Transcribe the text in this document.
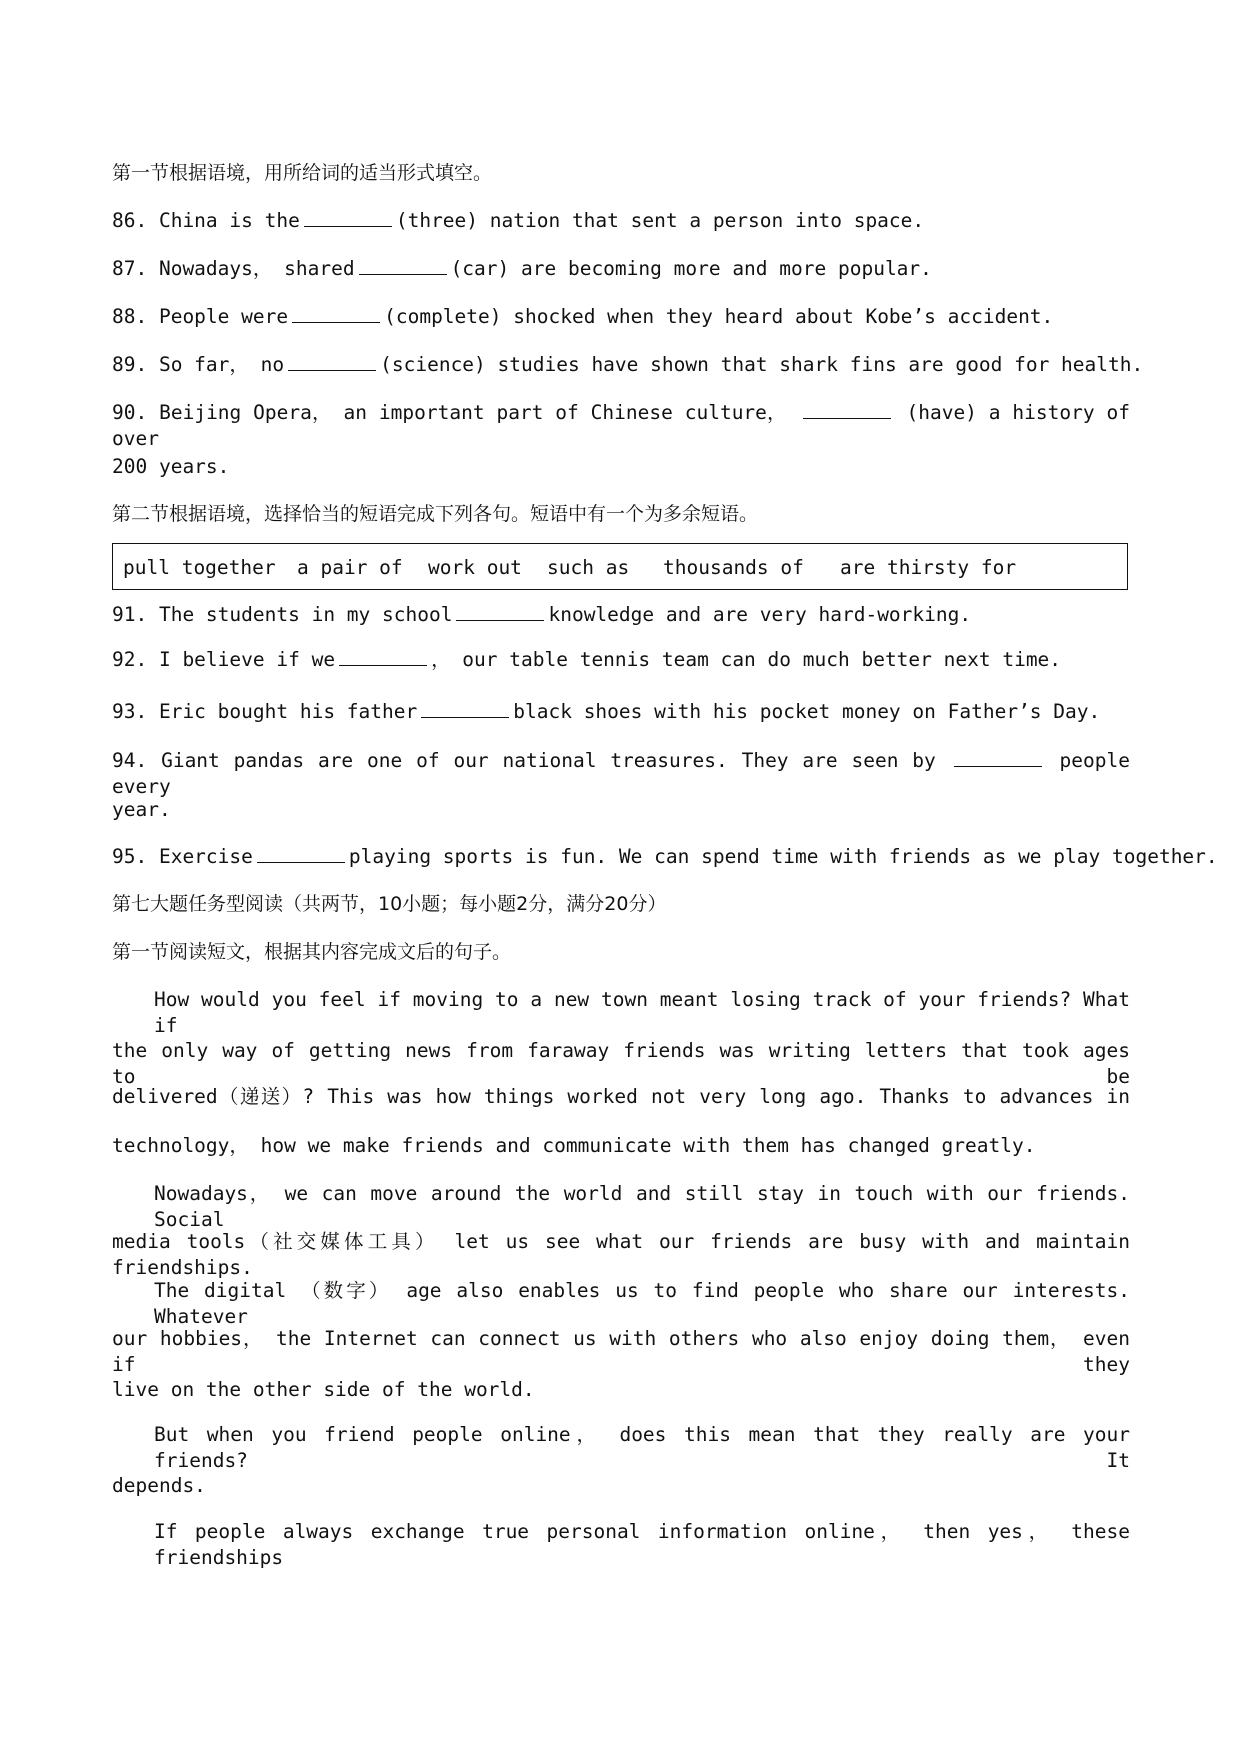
第一节根据语境，用所给词的适当形式填空。
86. China is the	(three) nation that sent a person into space.
87. Nowadays， shared	(car) are becoming more and more popular.
88. People were	(complete) shocked when they heard about Kobe’s accident.
89. So far， no	(science) studies have shown that shark fins are good for health.
90. Beijing Opera， an important part of Chinese culture，	(have) a history of over
200 years.
第二节根据语境，选择恰当的短语完成下列各句。短语中有一个为多余短语。
pull together a pair of work out such as thousands of are thirsty for
91. The students in my school	knowledge and are very hard-working.
92. I believe if we	， our table tennis team can do much better next time.
93. Eric bought his father	black shoes with his pocket money on Father’s Day.
94. Giant pandas are one of our national treasures. They are seen by	people every
year.
95. Exercise	playing sports is fun. We can spend time with friends as we play together.
第七大题任务型阅读（共两节，10小题；每小题2分，满分20分）
第一节阅读短文，根据其内容完成文后的句子。
How would you feel if moving to a new town meant losing track of your friends? What if
the only way of getting news from faraway friends was writing letters that took ages to be
delivered（递送）? This was how things worked not very long ago. Thanks to advances in
technology， how we make friends and communicate with them has changed greatly.
Nowadays， we can move around the world and still stay in touch with our friends. Social
media tools（社交媒体工具） let us see what our friends are busy with and maintain friendships.
The digital （数字） age also enables us to find people who share our interests. Whatever
our hobbies， the Internet can connect us with others who also enjoy doing them， even if they
live on the other side of the world.
But when you friend people online， does this mean that they really are your friends? It
depends.
If people always exchange true personal information online， then yes， these friendships
